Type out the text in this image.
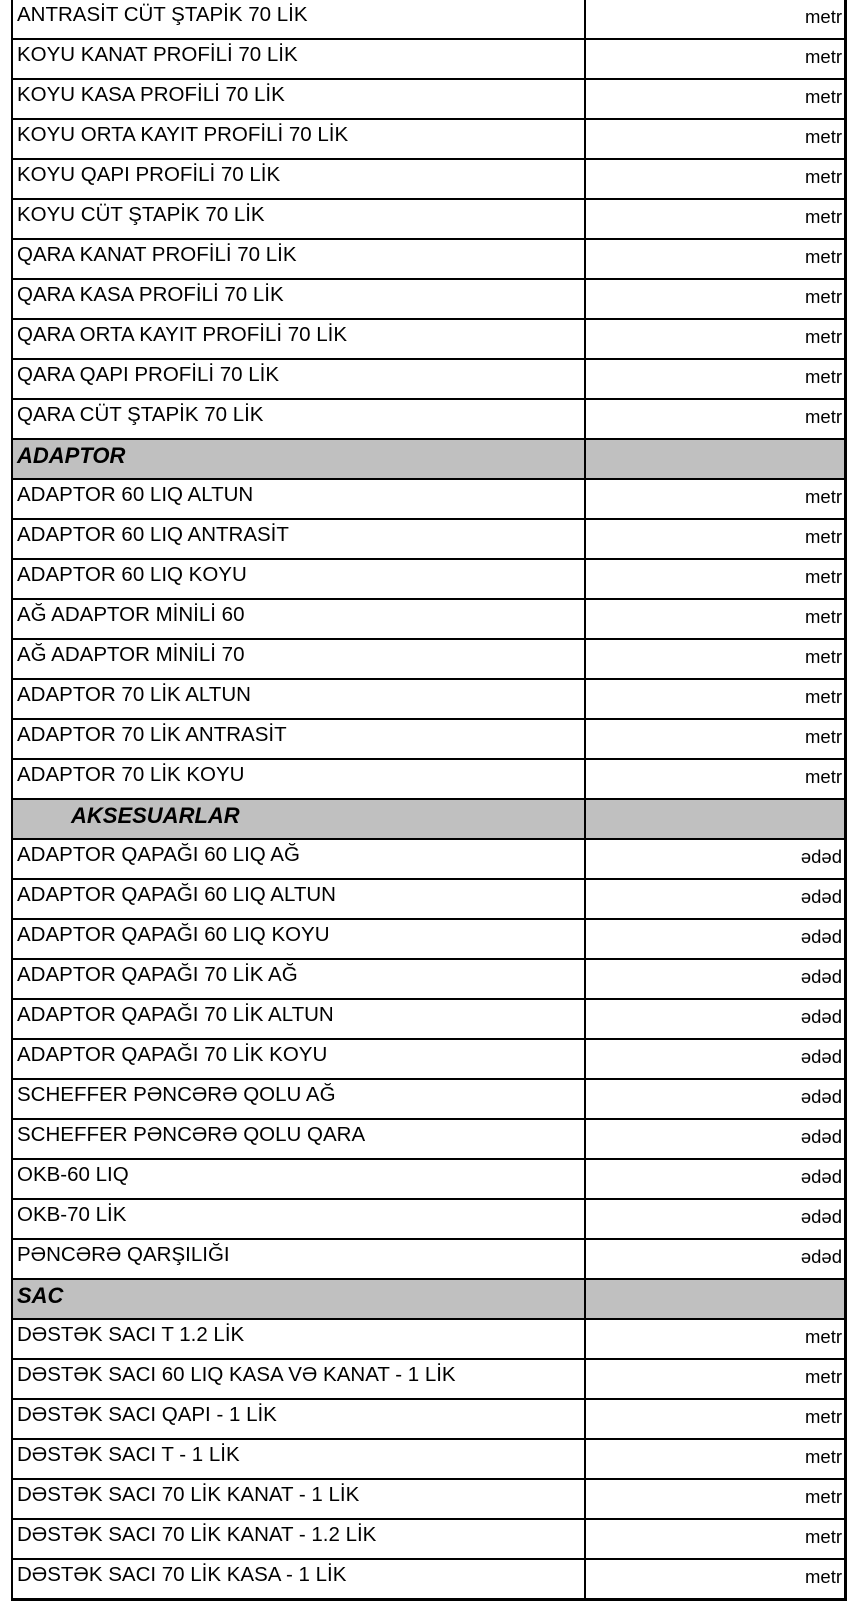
ANTRASİT CÜT ŞTAPİK 70 LİK	metr
KOYU KANAT PROFİLİ 70 LİK	metr
KOYU KASA PROFİLİ 70 LİK	metr
KOYU ORTA KAYIT PROFİLİ 70 LİK	metr
KOYU QAPI PROFİLİ 70 LİK	metr
KOYU CÜT ŞTAPİK 70 LİK	metr
QARA KANAT PROFİLİ 70 LİK	metr
QARA KASA PROFİLİ 70 LİK	metr
QARA ORTA KAYIT PROFİLİ 70 LİK	metr
QARA QAPI PROFİLİ 70 LİK	metr
QARA CÜT ŞTAPİK 70 LİK	metr
ADAPTOR
ADAPTOR 60 LIQ ALTUN	metr
ADAPTOR 60 LIQ ANTRASİT	metr
ADAPTOR 60 LIQ KOYU	metr
AĞ ADAPTOR MİNİLİ 60	metr
AĞ ADAPTOR MİNİLİ 70	metr
ADAPTOR 70 LİK ALTUN	metr
ADAPTOR 70 LİK ANTRASİT	metr
ADAPTOR 70 LİK KOYU	metr
AKSESUARLAR
ADAPTOR QAPAĞI 60 LIQ AĞ	ədəd
ADAPTOR QAPAĞI 60 LIQ ALTUN	ədəd
ADAPTOR QAPAĞI 60 LIQ KOYU	ədəd
ADAPTOR QAPAĞI 70 LİK AĞ	ədəd
ADAPTOR QAPAĞI 70 LİK ALTUN	ədəd
ADAPTOR QAPAĞI 70 LİK KOYU	ədəd
SCHEFFER PƏNCƏRƏ QOLU AĞ	ədəd
SCHEFFER PƏNCƏRƏ QOLU QARA	ədəd
OKB-60 LIQ	ədəd
OKB-70 LİK	ədəd
PƏNCƏRƏ QARŞILIĞI	ədəd
SAC
DƏSTƏK SACI T 1.2 LİK	metr
DƏSTƏK SACI 60 LIQ KASA VƏ KANAT - 1 LİK	metr
DƏSTƏK SACI QAPI - 1 LİK	metr
DƏSTƏK SACI T - 1 LİK	metr
DƏSTƏK SACI 70 LİK KANAT - 1 LİK	metr
DƏSTƏK SACI 70 LİK KANAT - 1.2 LİK	metr
DƏSTƏK SACI 70 LİK KASA - 1 LİK	metr
